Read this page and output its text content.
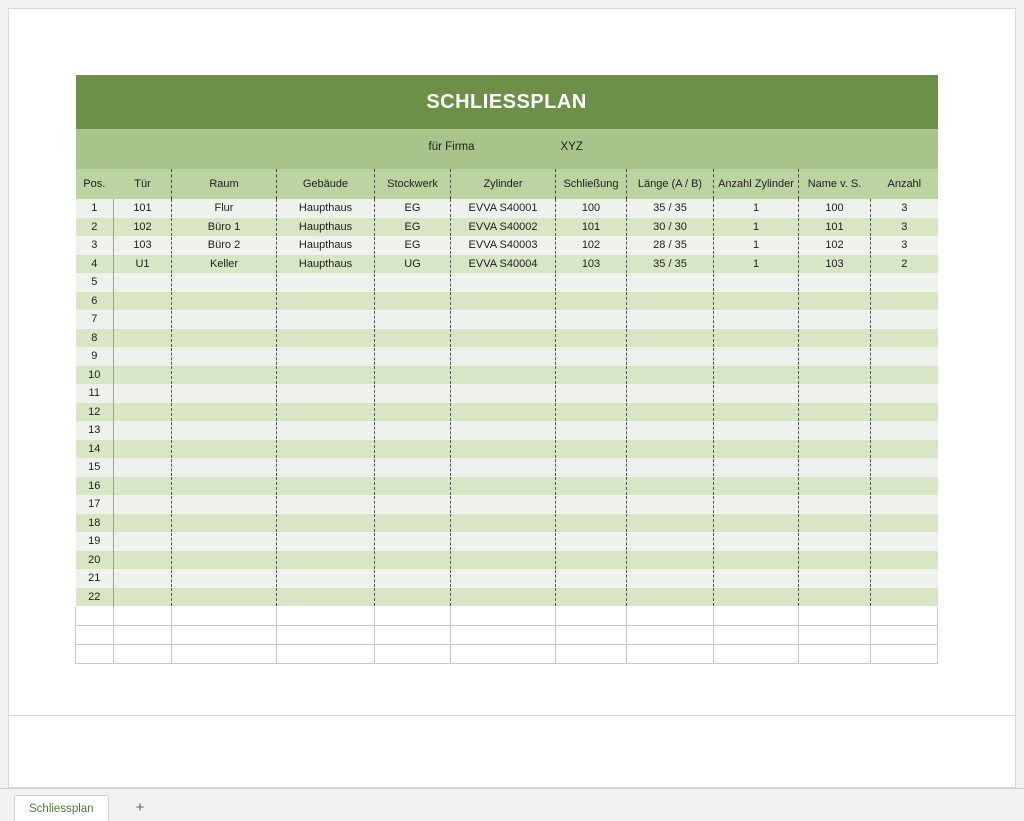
SCHLIESSPLAN										

für Firma XYZ										

Pos.	Tür	Raum	Gebäude	Stockwerk	Zylinder	Schließung	Länge (A / B)	Anzahl Zylinder	Name v. S.	Anzahl
1	101	Flur	Haupthaus	EG	EVVA S40001	100	35 / 35	1	100	3
2	102	Büro 1	Haupthaus	EG	EVVA S40002	101	30 / 30	1	101	3
3	103	Büro 2	Haupthaus	EG	EVVA S40003	102	28 / 35	1	102	3
4	U1	Keller	Haupthaus	UG	EVVA S40004	103	35 / 35	1	103	2
5										
6										
7										
8										
9										
10										
11										
12										
13										
14										
15										
16										
17										
18										
19										
20										
21										
22										

Schliessplan	+
